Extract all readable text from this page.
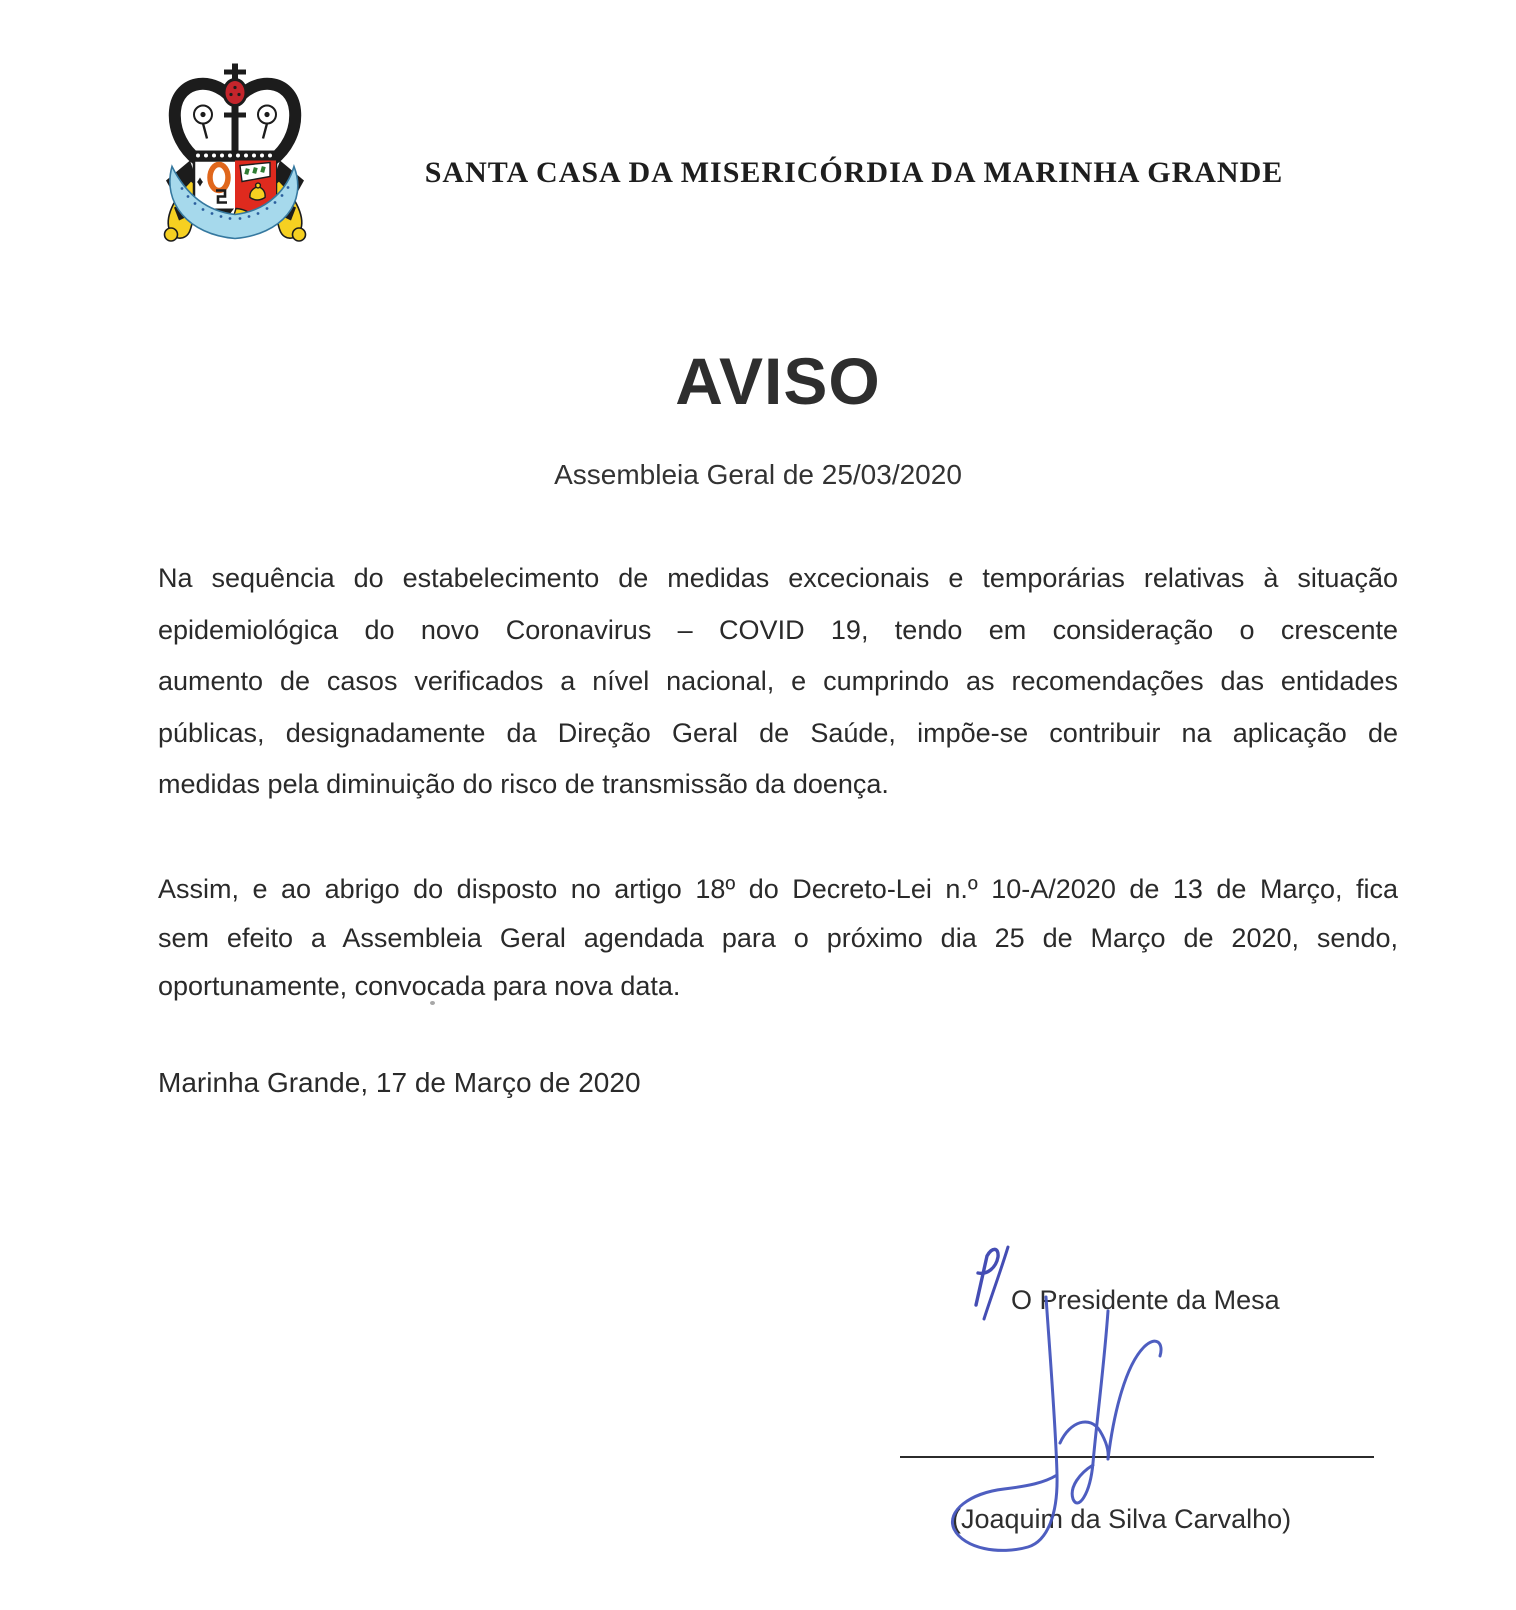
SANTA CASA DA MISERICÓRDIA DA MARINHA GRANDE
AVISO
Assembleia Geral de 25/03/2020
Na sequência do estabelecimento de medidas excecionais e temporárias relativas à situação
epidemiológica do novo Coronavirus – COVID 19, tendo em consideração o crescente
aumento de casos verificados a nível nacional, e cumprindo as recomendações das entidades
públicas, designadamente da Direção Geral de Saúde, impõe-se contribuir na aplicação de
medidas pela diminuição do risco de transmissão da doença.
Assim, e ao abrigo do disposto no artigo 18º do Decreto-Lei n.º 10-A/2020 de 13 de Março, fica
sem efeito a Assembleia Geral agendada para o próximo dia 25 de Março de 2020, sendo,
oportunamente, convocada para nova data.
Marinha Grande, 17 de Março de 2020
O Presidente da Mesa
(Joaquim da Silva Carvalho)
